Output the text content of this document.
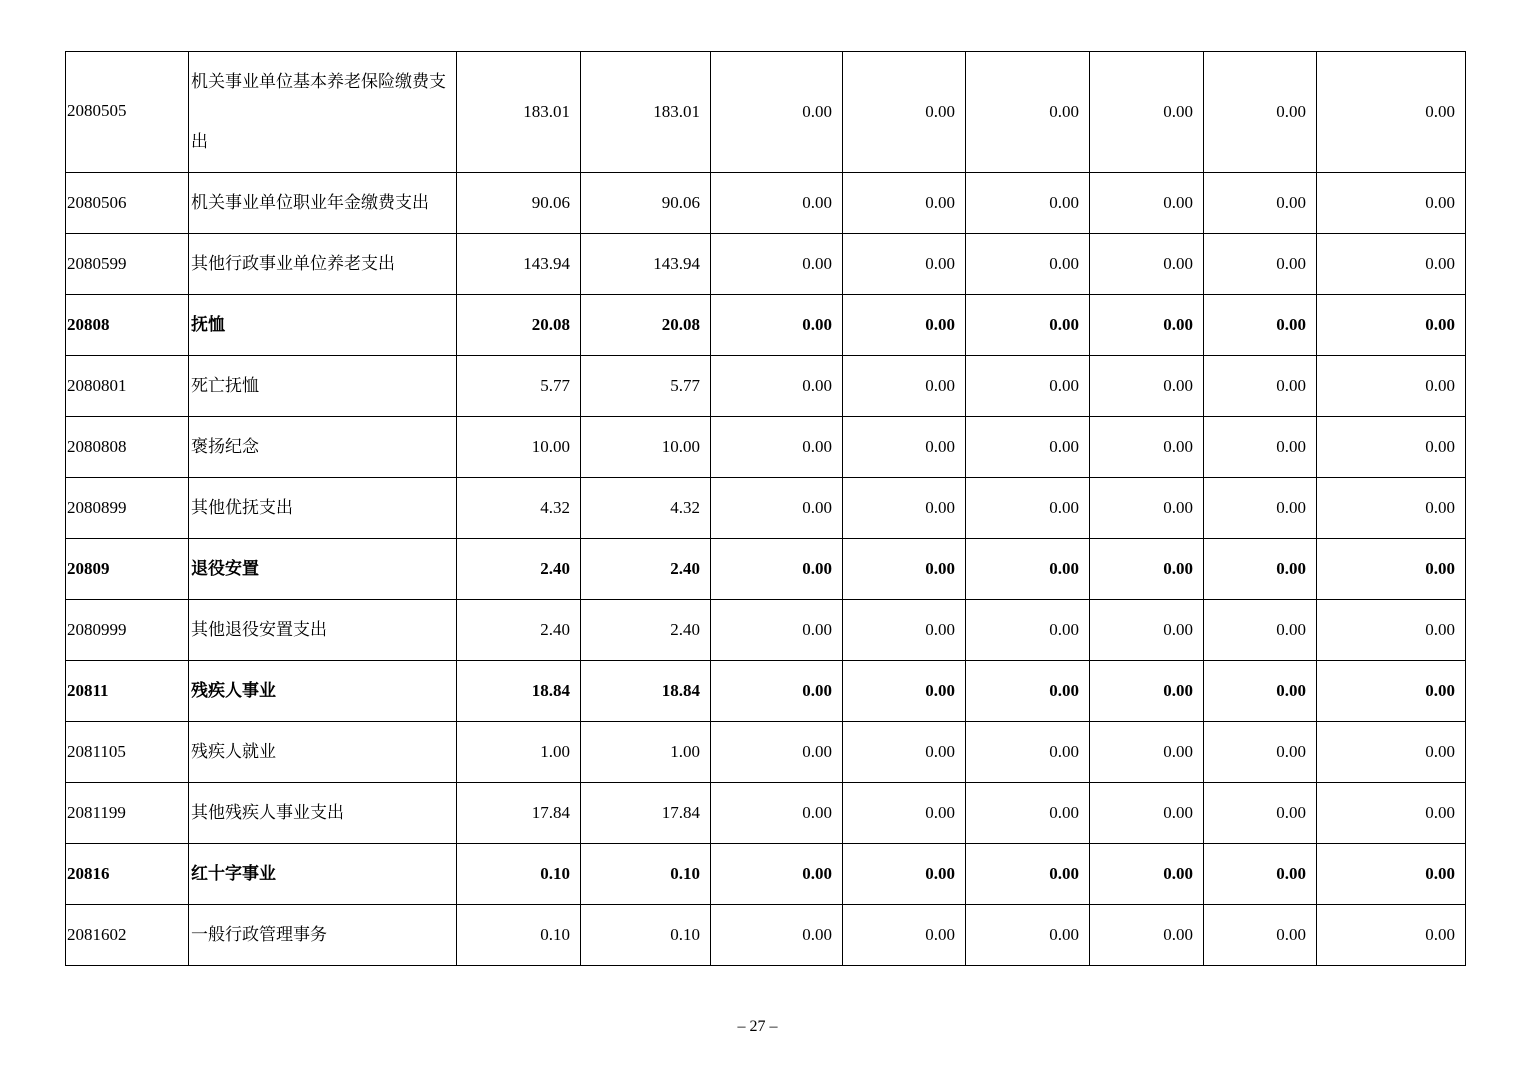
2080505	机关事业单位基本养老保险缴费支出	183.01	183.01	0.00	0.00	0.00	0.00	0.00	0.00
2080506	机关事业单位职业年金缴费支出	90.06	90.06	0.00	0.00	0.00	0.00	0.00	0.00
2080599	其他行政事业单位养老支出	143.94	143.94	0.00	0.00	0.00	0.00	0.00	0.00
20808	抚恤	20.08	20.08	0.00	0.00	0.00	0.00	0.00	0.00
2080801	死亡抚恤	5.77	5.77	0.00	0.00	0.00	0.00	0.00	0.00
2080808	褒扬纪念	10.00	10.00	0.00	0.00	0.00	0.00	0.00	0.00
2080899	其他优抚支出	4.32	4.32	0.00	0.00	0.00	0.00	0.00	0.00
20809	退役安置	2.40	2.40	0.00	0.00	0.00	0.00	0.00	0.00
2080999	其他退役安置支出	2.40	2.40	0.00	0.00	0.00	0.00	0.00	0.00
20811	残疾人事业	18.84	18.84	0.00	0.00	0.00	0.00	0.00	0.00
2081105	残疾人就业	1.00	1.00	0.00	0.00	0.00	0.00	0.00	0.00
2081199	其他残疾人事业支出	17.84	17.84	0.00	0.00	0.00	0.00	0.00	0.00
20816	红十字事业	0.10	0.10	0.00	0.00	0.00	0.00	0.00	0.00
2081602	一般行政管理事务	0.10	0.10	0.00	0.00	0.00	0.00	0.00	0.00
– 27 –
